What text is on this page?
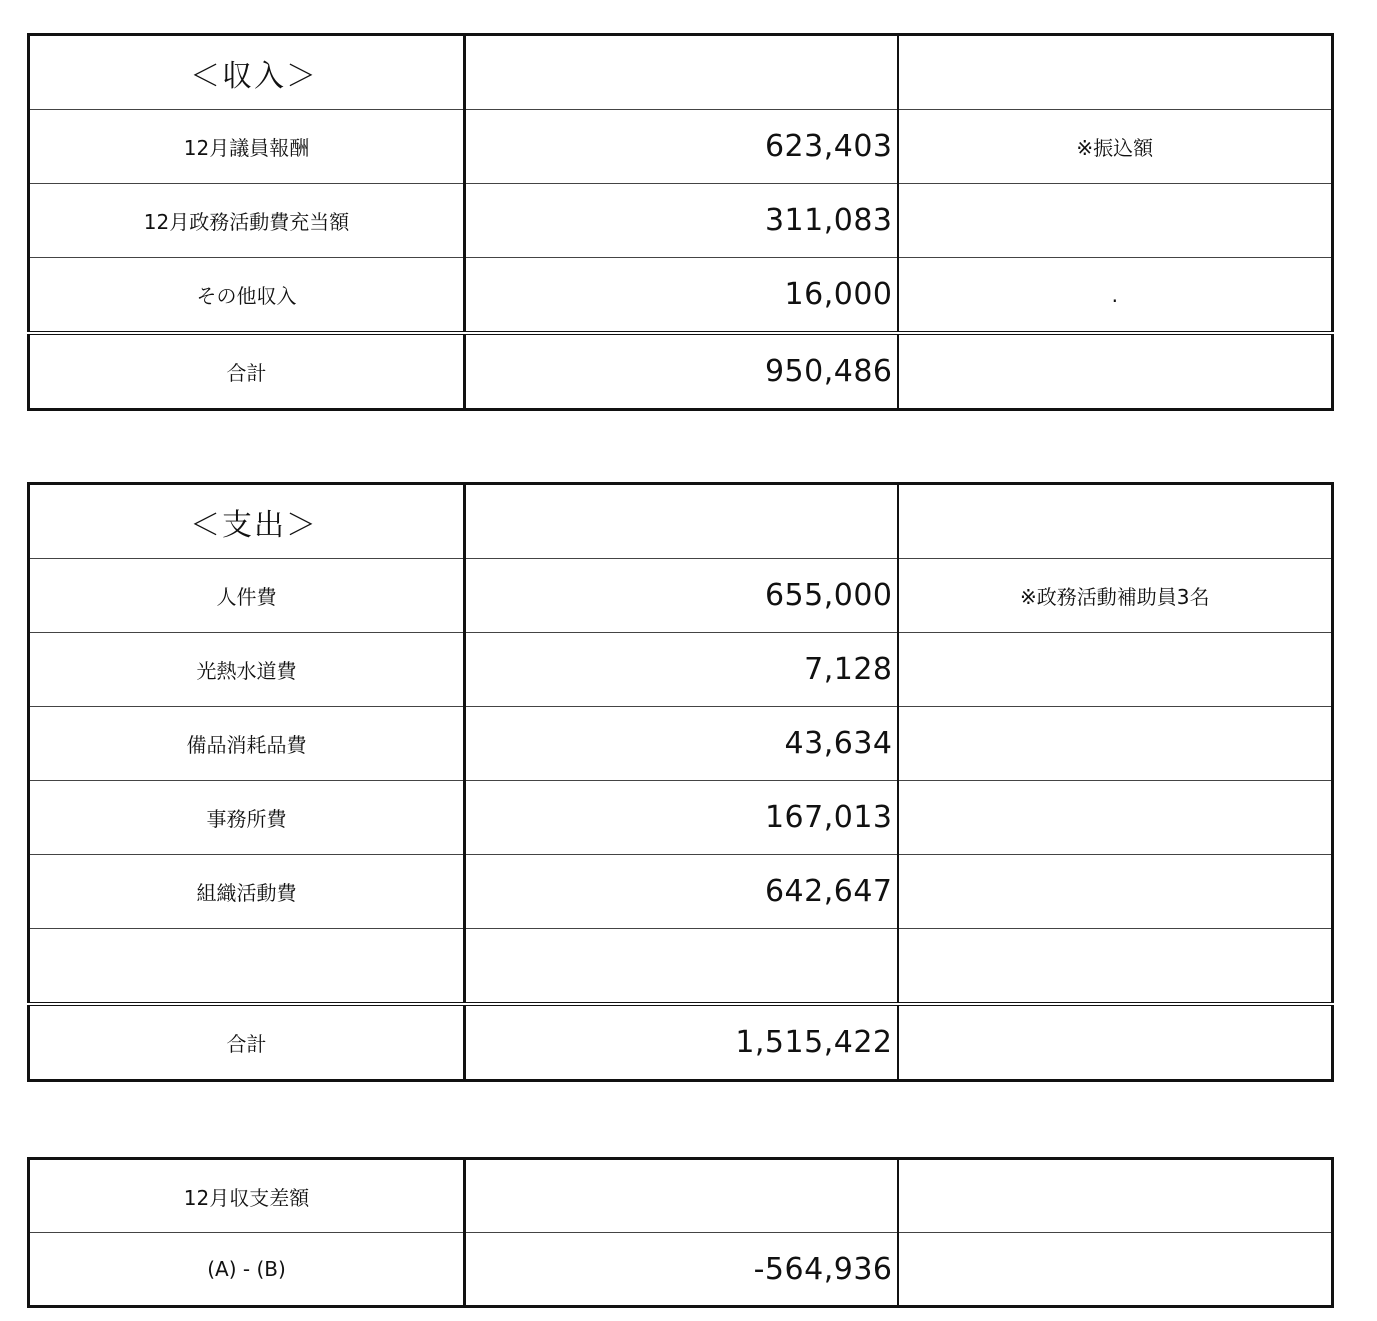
＜収入＞		
12月議員報酬	623,403	※振込額
12月政務活動費充当額	311,083	
その他収入	16,000	.
合計	950,486	
＜支出＞		
人件費	655,000	※政務活動補助員3名
光熱水道費	7,128	
備品消耗品費	43,634	
事務所費	167,013	
組織活動費	642,647	

合計	1,515,422	
12月収支差額		
(A) - (B)	-564,936	
